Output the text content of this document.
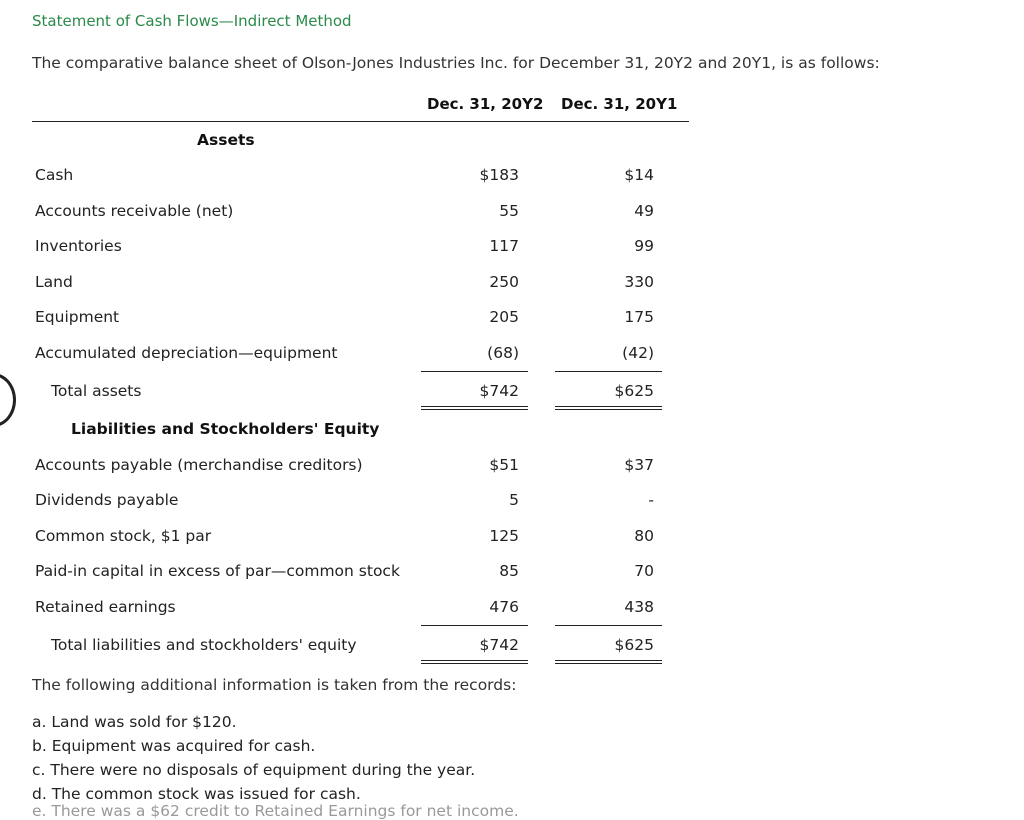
Statement of Cash Flows—Indirect Method
The comparative balance sheet of Olson-Jones Industries Inc. for December 31, 20Y2 and 20Y1, is as follows:
Dec. 31, 20Y2 Dec. 31, 20Y1
Assets
Cash	$183	$14
Accounts receivable (net)	55	49
Inventories	117	99
Land	250	330
Equipment	205	175
Accumulated depreciation—equipment	(68)	(42)
Total assets	$742	$625
Liabilities and Stockholders' Equity
Accounts payable (merchandise creditors)	$51	$37
Dividends payable	5	-
Common stock, $1 par	125	80
Paid-in capital in excess of par—common stock	85	70
Retained earnings	476	438
Total liabilities and stockholders' equity	$742	$625
The following additional information is taken from the records:
a. Land was sold for $120.
b. Equipment was acquired for cash.
c. There were no disposals of equipment during the year.
d. The common stock was issued for cash.
e. There was a $62 credit to Retained Earnings for net income.
